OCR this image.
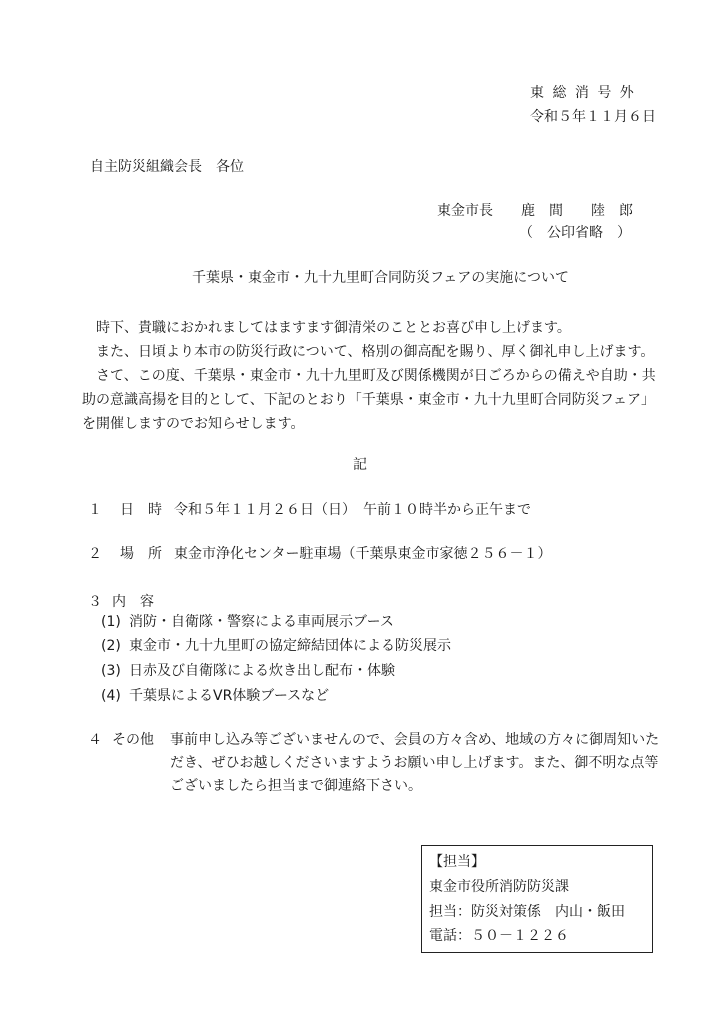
東 総 消 号 外
令和５年１１月６日
自主防災組織会長　各位
東金市長　　鹿　間　　陸　郎
（　公印省略　）
千葉県・東金市・九十九里町合同防災フェアの実施について

時下、貴職におかれましてはますます御清栄のこととお喜び申し上げます。

また、日頃より本市の防災行政について、格別の御高配を賜り、厚く御礼申し上げます。

さて、この度、千葉県・東金市・九十九里町及び関係機関が日ごろからの備えや自助・共助の意識高揚を目的として、下記のとおり「千葉県・東金市・九十九里町合同防災フェア」を開催しますのでお知らせします。

記
１ 日　時 令和５年１１月２６日（日）　午前１０時半から正午まで
２ 場　所 東金市浄化センター駐車場（千葉県東金市家徳２５６－１）
３ 内　容
(1) 消防・自衛隊・警察による車両展示ブース
(2) 東金市・九十九里町の協定締結団体による防災展示
(3) 日赤及び自衛隊による炊き出し配布・体験
(4) 千葉県によるVR体験ブースなど
４ その他 事前申し込み等ございませんので、会員の方々含め、地域の方々に御周知いただき、ぜひお越しくださいますようお願い申し上げます。また、御不明な点等ございましたら担当まで御連絡下さい。
【担当】
東金市役所消防防災課
担当：防災対策係　内山・飯田
電話：５０－１２２６
